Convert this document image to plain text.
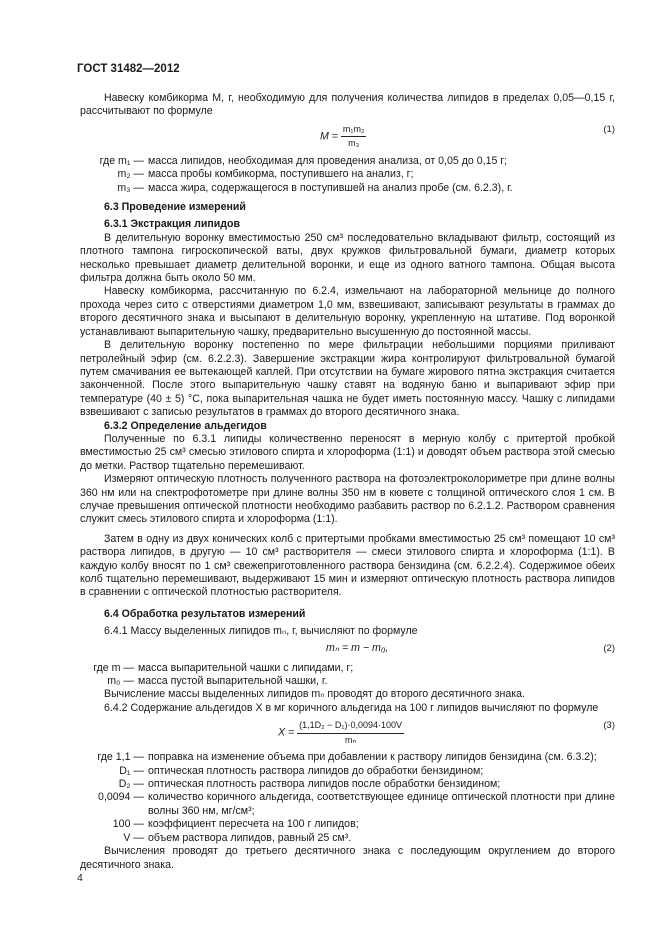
ГОСТ 31482—2012

Навеску комбикорма M, г, необходимую для получения количества липидов в пределах 0,05—0,15 г, рассчитывают по формуле

$M = \frac{\text{m₁m₂}}{\text{m₃}}$	(1)
где m₁ — масса липидов, необходимая для проведения анализа, от 0,05 до 0,15 г;
m₂ — масса пробы комбикорма, поступившего на анализ, г;
m₃ — масса жира, содержащегося в поступившей на анализ пробе (см. 6.2.3), г.
6.3 Проведение измерений
6.3.1 Экстракция липидов

В делительную воронку вместимостью 250 см³ последовательно вкладывают фильтр, состоящий из плотного тампона гигроскопической ваты, двух кружков фильтровальной бумаги, диаметр которых несколько превышает диаметр делительной воронки, и еще из одного ватного тампона. Общая высота фильтра должна быть около 50 мм.

Навеску комбикорма, рассчитанную по 6.2.4, измельчают на лабораторной мельнице до полного прохода через сито с отверстиями диаметром 1,0 мм, взвешивают, записывают результаты в граммах до второго десятичного знака и высыпают в делительную воронку, укрепленную на штативе. Под воронкой устанавливают выпарительную чашку, предварительно высушенную до постоянной массы.

В делительную воронку постепенно по мере фильтрации небольшими порциями приливают петролейный эфир (см. 6.2.2.3). Завершение экстракции жира контролируют фильтровальной бумагой путем смачивания ее вытекающей каплей. При отсутствии на бумаге жирового пятна экстракция считается законченной. После этого выпарительную чашку ставят на водяную баню и выпаривают эфир при температуре (40 ± 5) °C, пока выпарительная чашка не будет иметь постоянную массу. Чашку с липидами взвешивают с записью результатов в граммах до второго десятичного знака.

6.3.2 Определение альдегидов

Полученные по 6.3.1 липиды количественно переносят в мерную колбу с притертой пробкой вместимостью 25 см³ смесью этилового спирта и хлороформа (1:1) и доводят объем раствора этой смесью до метки. Раствор тщательно перемешивают.

Измеряют оптическую плотность полученного раствора на фотоэлектроколориметре при длине волны 360 нм или на спектрофотометре при длине волны 350 нм в кювете с толщиной оптического слоя 1 см. В случае превышения оптической плотности необходимо разбавить раствор по 6.2.1.2. Раствором сравнения служит смесь этилового спирта и хлороформа (1:1).

Затем в одну из двух конических колб с притертыми пробками вместимостью 25 см³ помещают 10 см³ раствора липидов, в другую — 10 см³ растворителя — смеси этилового спирта и хлороформа (1:1). В каждую колбу вносят по 1 см³ свежеприготовленного раствора бензидина (см. 6.2.2.4). Содержимое обеих колб тщательно перемешивают, выдерживают 15 мин и измеряют оптическую плотность раствора липидов в сравнении с оптической плотностью растворителя.

6.4 Обработка результатов измерений

6.4.1 Массу выделенных липидов mₙ, г, вычисляют по формуле

mₙ = m − m₀,	(2)
где m — масса выпарительной чашки с липидами, г;
m₀ — масса пустой выпарительной чашки, г.

Вычисление массы выделенных липидов mₙ проводят до второго десятичного знака.

6.4.2 Содержание альдегидов X в мг коричного альдегида на 100 г липидов вычисляют по формуле

$X = \frac{\text{(1,1D₂ − D₁)·0,0094·100V}}{\text{mₙ}}$	(3)
где 1,1 — поправка на изменение объема при добавлении к раствору липидов бензидина (см. 6.3.2);
D₁ — оптическая плотность раствора липидов до обработки бензидином;
D₂ — оптическая плотность раствора липидов после обработки бензидином;
0,0094 — количество коричного альдегида, соответствующее единице оптической плотности при длине волны 360 нм, мг/см³;
100 — коэффициент пересчета на 100 г липидов;
V — объем раствора липидов, равный 25 см³.

Вычисления проводят до третьего десятичного знака с последующим округлением до второго десятичного знака.

4
